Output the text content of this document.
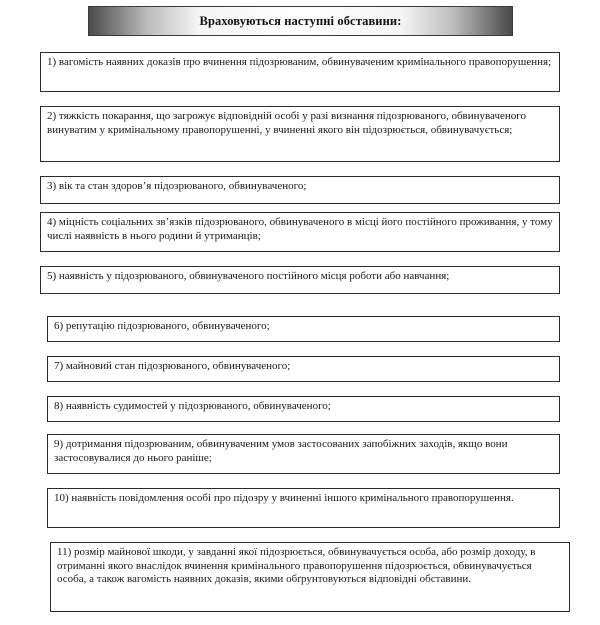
Враховуються наступні обставини:
1) вагомість наявних доказів про вчинення підозрюваним, обвинуваченим кримінального правопорушення;
2) тяжкість покарання, що загрожує відповідній особі у разі визнання підозрюваного, обвинуваченого винуватим у кримінальному правопорушенні, у вчиненні якого він підозрюється, обвинувачується;
3) вік та стан здоров’я підозрюваного, обвинуваченого;
4) міцність соціальних зв’язків підозрюваного, обвинуваченого в місці його постійного проживання, у тому числі наявність в нього родини й утриманців;
5) наявність у підозрюваного, обвинуваченого постійного місця роботи або навчання;
6) репутацію підозрюваного, обвинуваченого;
7) майновий стан підозрюваного, обвинуваченого;
8) наявність судимостей у підозрюваного, обвинуваченого;
9) дотримання підозрюваним, обвинуваченим умов застосованих запобіжних заходів, якщо вони застосовувалися до нього раніше;
10) наявність повідомлення особі про підозру у вчиненні іншого кримінального правопорушення.
11) розмір майнової шкоди, у завданні якої підозрюється, обвинувачується особа, або розмір доходу, в отриманні якого внаслідок вчинення кримінального правопорушення підозрюється, обвинувачується особа, а також вагомість наявних доказів, якими обґрунтовуються відповідні обставини.
